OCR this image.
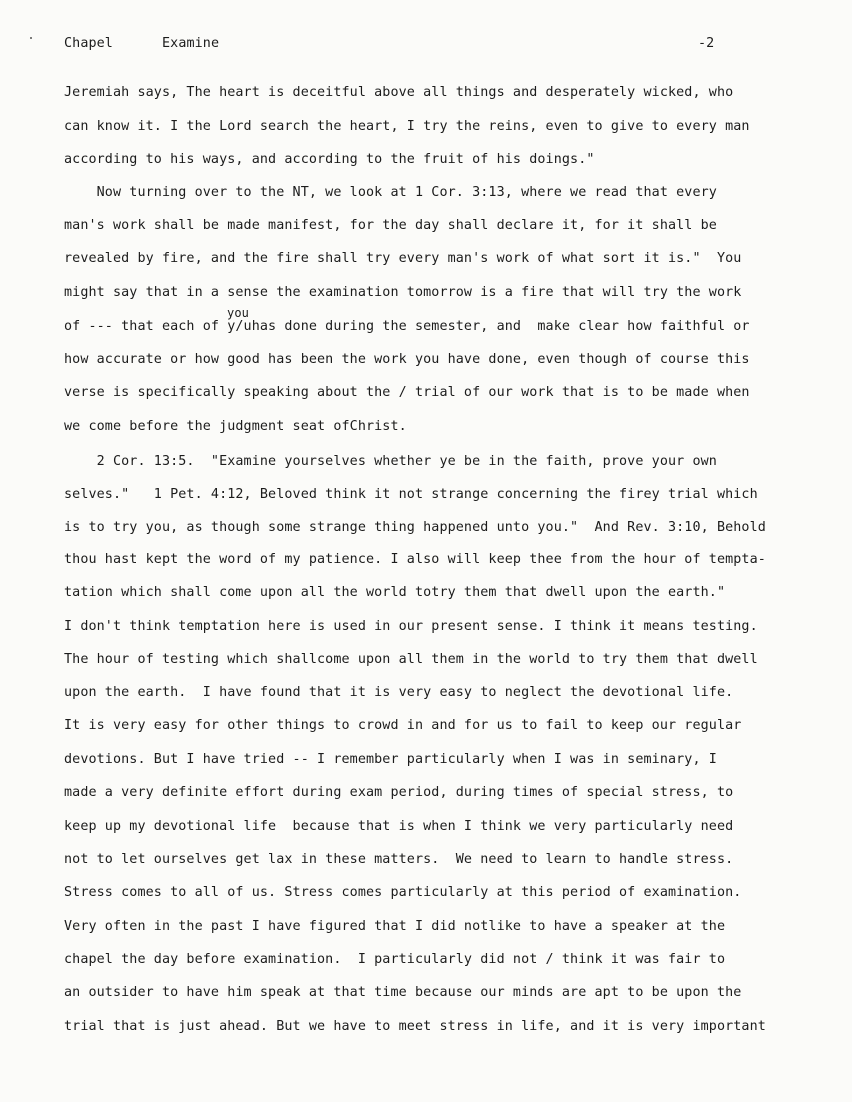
Chapel	Examine	-2
you
Jeremiah says, The heart is deceitful above all things and desperately wicked, who
can know it. I the Lord search the heart, I try the reins, even to give to every man
according to his ways, and according to the fruit of his doings."
Now turning over to the NT, we look at 1 Cor. 3:13, where we read that every
man's work shall be made manifest, for the day shall declare it, for it shall be
revealed by fire, and the fire shall try every man's work of what sort it is."  You
might say that in a sense the examination tomorrow is a fire that will try the work
of --- that each of y/uhas done during the semester, and  make clear how faithful or
how accurate or how good has been the work you have done, even though of course this
verse is specifically speaking about the / trial of our work that is to be made when
we come before the judgment seat ofChrist.
2 Cor. 13:5.  "Examine yourselves whether ye be in the faith, prove your own
selves."   1 Pet. 4:12, Beloved think it not strange concerning the firey trial which
is to try you, as though some strange thing happened unto you."  And Rev. 3:10, Behold
thou hast kept the word of my patience. I also will keep thee from the hour of tempta-
tation which shall come upon all the world totry them that dwell upon the earth."
I don't think temptation here is used in our present sense. I think it means testing.
The hour of testing which shallcome upon all them in the world to try them that dwell
upon the earth.  I have found that it is very easy to neglect the devotional life.
It is very easy for other things to crowd in and for us to fail to keep our regular
devotions. But I have tried -- I remember particularly when I was in seminary, I
made a very definite effort during exam period, during times of special stress, to
keep up my devotional life  because that is when I think we very particularly need
not to let ourselves get lax in these matters.  We need to learn to handle stress.
Stress comes to all of us. Stress comes particularly at this period of examination.
Very often in the past I have figured that I did notlike to have a speaker at the
chapel the day before examination.  I particularly did not / think it was fair to
an outsider to have him speak at that time because our minds are apt to be upon the
trial that is just ahead. But we have to meet stress in life, and it is very important
